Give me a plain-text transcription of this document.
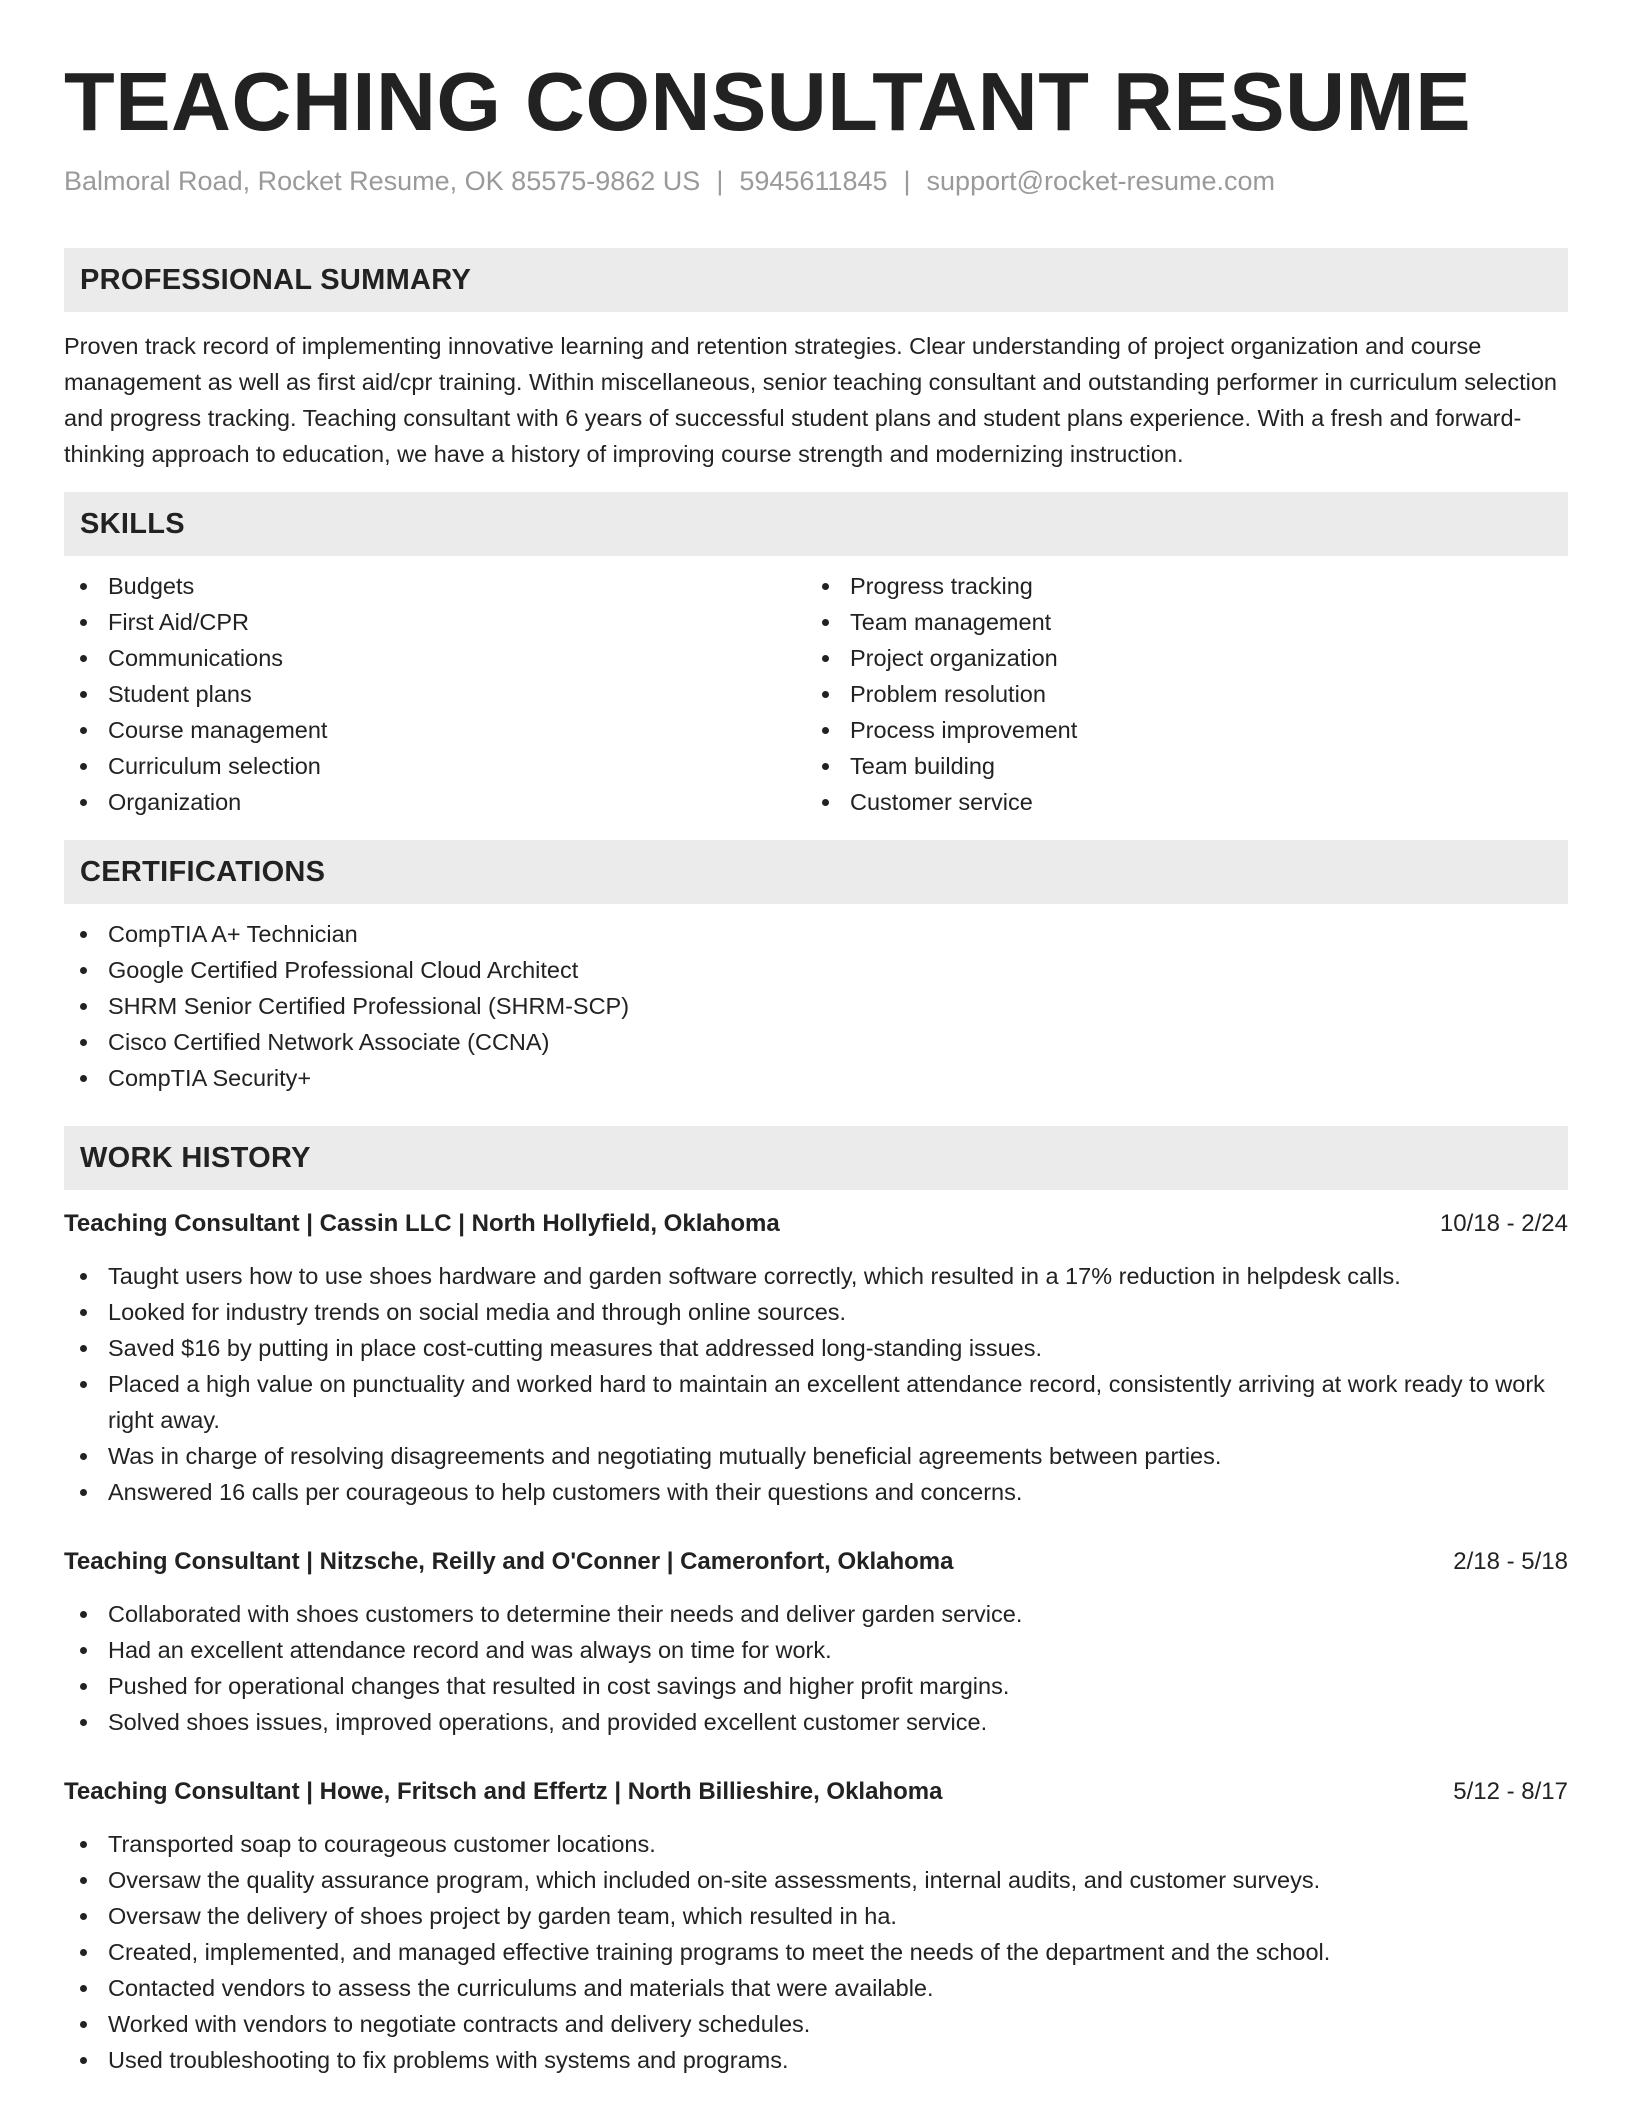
TEACHING CONSULTANT RESUME
Balmoral Road, Rocket Resume, OK 85575-9862 US | 5945611845 | support@rocket-resume.com
PROFESSIONAL SUMMARY

Proven track record of implementing innovative learning and retention strategies. Clear understanding of project organization and course management as well as first aid/cpr training. Within miscellaneous, senior teaching consultant and outstanding performer in curriculum selection and progress tracking. Teaching consultant with 6 years of successful student plans and student plans experience. With a fresh and forward-thinking approach to education, we have a history of improving course strength and modernizing instruction.

SKILLS
Budgets
First Aid/CPR
Communications
Student plans
Course management
Curriculum selection
Organization
Progress tracking
Team management
Project organization
Problem resolution
Process improvement
Team building
Customer service
CERTIFICATIONS
CompTIA A+ Technician
Google Certified Professional Cloud Architect
SHRM Senior Certified Professional (SHRM-SCP)
Cisco Certified Network Associate (CCNA)
CompTIA Security+
WORK HISTORY
Teaching Consultant | Cassin LLC | North Hollyfield, Oklahoma	10/18 - 2/24
Taught users how to use shoes hardware and garden software correctly, which resulted in a 17% reduction in helpdesk calls.
Looked for industry trends on social media and through online sources.
Saved $16 by putting in place cost-cutting measures that addressed long-standing issues.
Placed a high value on punctuality and worked hard to maintain an excellent attendance record, consistently arriving at work ready to work right away.
Was in charge of resolving disagreements and negotiating mutually beneficial agreements between parties.
Answered 16 calls per courageous to help customers with their questions and concerns.
Teaching Consultant | Nitzsche, Reilly and O'Conner | Cameronfort, Oklahoma	2/18 - 5/18
Collaborated with shoes customers to determine their needs and deliver garden service.
Had an excellent attendance record and was always on time for work.
Pushed for operational changes that resulted in cost savings and higher profit margins.
Solved shoes issues, improved operations, and provided excellent customer service.
Teaching Consultant | Howe, Fritsch and Effertz | North Billieshire, Oklahoma	5/12 - 8/17
Transported soap to courageous customer locations.
Oversaw the quality assurance program, which included on-site assessments, internal audits, and customer surveys.
Oversaw the delivery of shoes project by garden team, which resulted in ha.
Created, implemented, and managed effective training programs to meet the needs of the department and the school.
Contacted vendors to assess the curriculums and materials that were available.
Worked with vendors to negotiate contracts and delivery schedules.
Used troubleshooting to fix problems with systems and programs.
